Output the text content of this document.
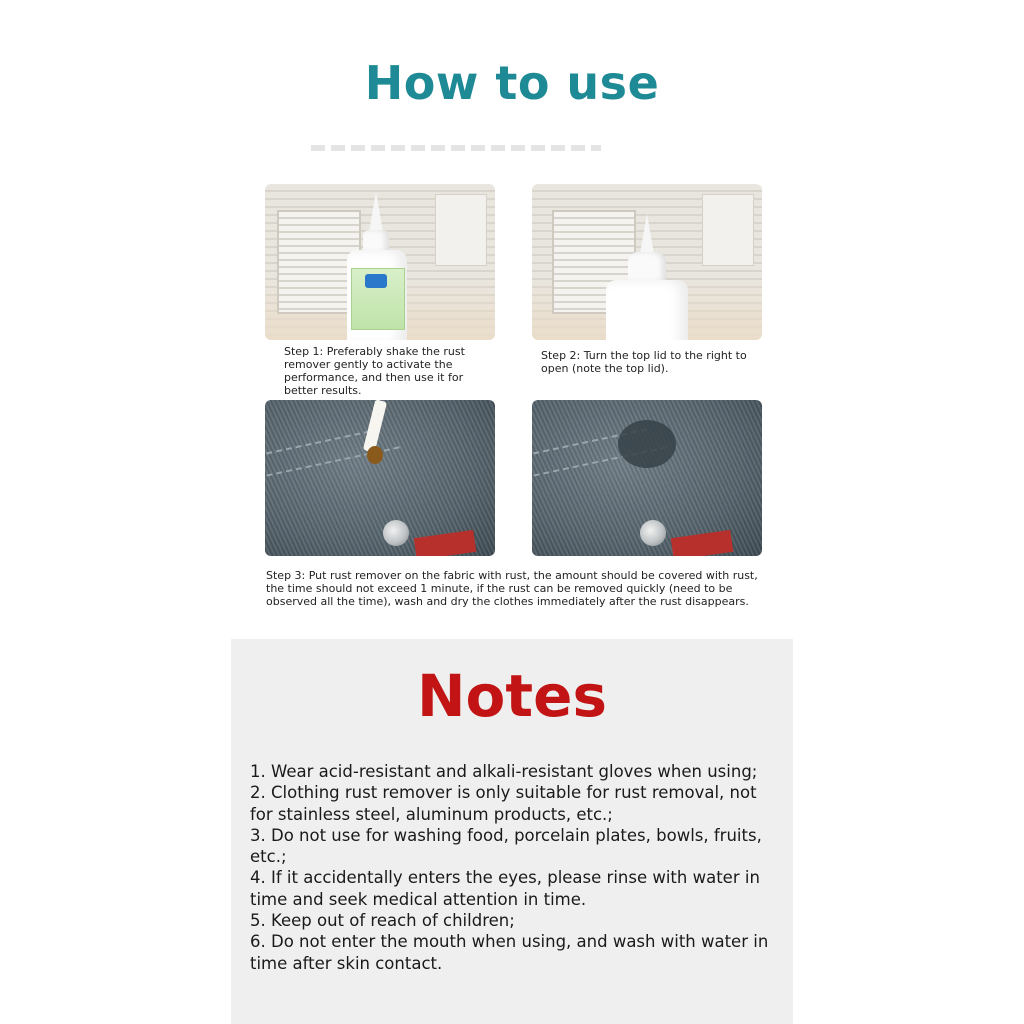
How to use

Step 1: Preferably shake the rust remover gently to activate the performance, and then use it for better results.

Step 2: Turn the top lid to the right to open (note the top lid).

Step 3: Put rust remover on the fabric with rust, the amount should be covered with rust, the time should not exceed 1 minute, if the rust can be removed quickly (need to be observed all the time), wash and dry the clothes immediately after the rust disappears.

Notes
1. Wear acid-resistant and alkali-resistant gloves when using;
2. Clothing rust remover is only suitable for rust removal, not for stainless steel, aluminum products, etc.;
3. Do not use for washing food, porcelain plates, bowls, fruits, etc.;
4. If it accidentally enters the eyes, please rinse with water in time and seek medical attention in time.
5. Keep out of reach of children;
6. Do not enter the mouth when using, and wash with water in time after skin contact.
